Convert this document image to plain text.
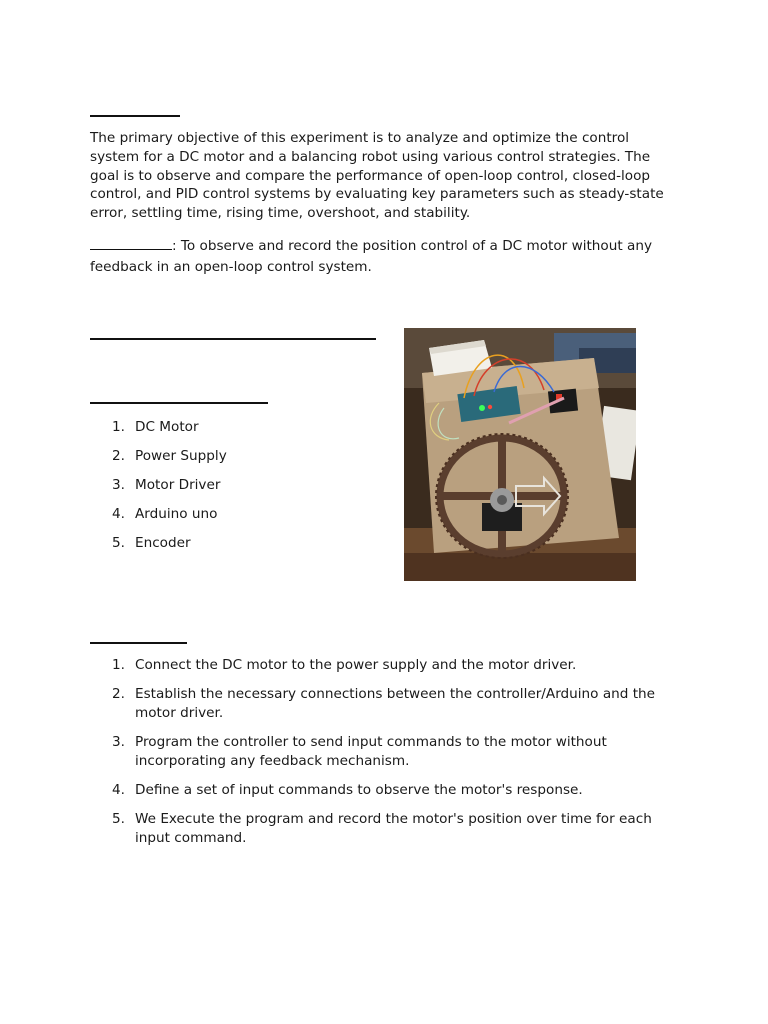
The primary objective of this experiment is to analyze and optimize the control system for a DC motor and a balancing robot using various control strategies. The goal is to observe and compare the performance of open-loop control, closed-loop control, and PID control systems by evaluating key parameters such as steady-state error, settling time, rising time, overshoot, and stability.

: To observe and record the position control of a DC motor without any feedback in an open-loop control system.

1. DC Motor
2. Power Supply
3. Motor Driver
4. Arduino uno
5. Encoder
1. Connect the DC motor to the power supply and the motor driver.
2. Establish the necessary connections between the controller/Arduino and the motor driver.
3. Program the controller to send input commands to the motor without incorporating any feedback mechanism.
4. Define a set of input commands to observe the motor's response.
5. We Execute the program and record the motor's position over time for each input command.
